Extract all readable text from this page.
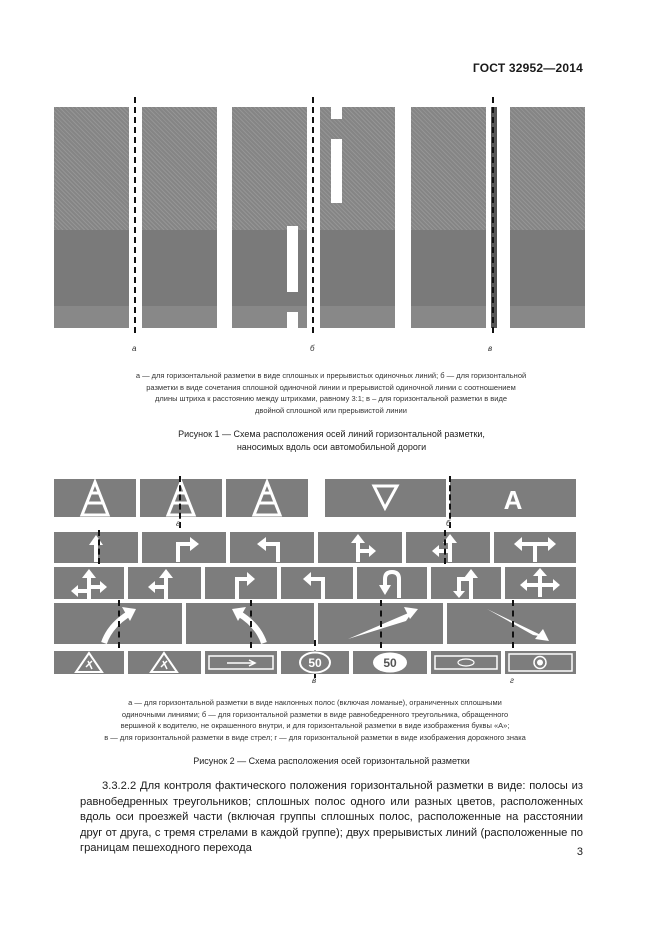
ГОСТ 32952—2014
а	б	в
а — для горизонтальной разметки в виде сплошных и прерывистых одиночных линий; б — для горизонтальной
разметки в виде сочетания сплошной одиночной линии и прерывистой одиночной линии с соотношением
длины штриха к расстоянию между штрихами, равному 3:1; в – для горизонтальной разметки в виде
двойной сплошной или прерывистой линии
Рисунок 1 — Схема расположения осей линий горизонтальной разметки,
наносимых вдоль оси автомобильной дороги
А
а	б
в
50	50
г
а — для горизонтальной разметки в виде наклонных полос (включая ломаные), ограниченных сплошными
одиночными линиями; б — для горизонтальной разметки в виде равнобедренного треугольника, обращенного
вершиной к водителю, не окрашенного внутри, и для горизонтальной разметки в виде изображения буквы «А»;
в — для горизонтальной разметки в виде стрел; г — для горизонтальной разметки в виде изображения дорожного знака
Рисунок 2 — Схема расположения осей горизонтальной разметки

3.3.2.2 Для контроля фактического положения горизонтальной разметки в виде: полосы из равнобедренных треугольников; сплошных полос одного или разных цветов, расположенных вдоль оси проезжей части (включая группы сплошных полос, расположенные на расстоянии друг от друга, с тремя стрелами в каждой группе); двух прерывистых линий (расположенные по границам пешеходного перехода	3
